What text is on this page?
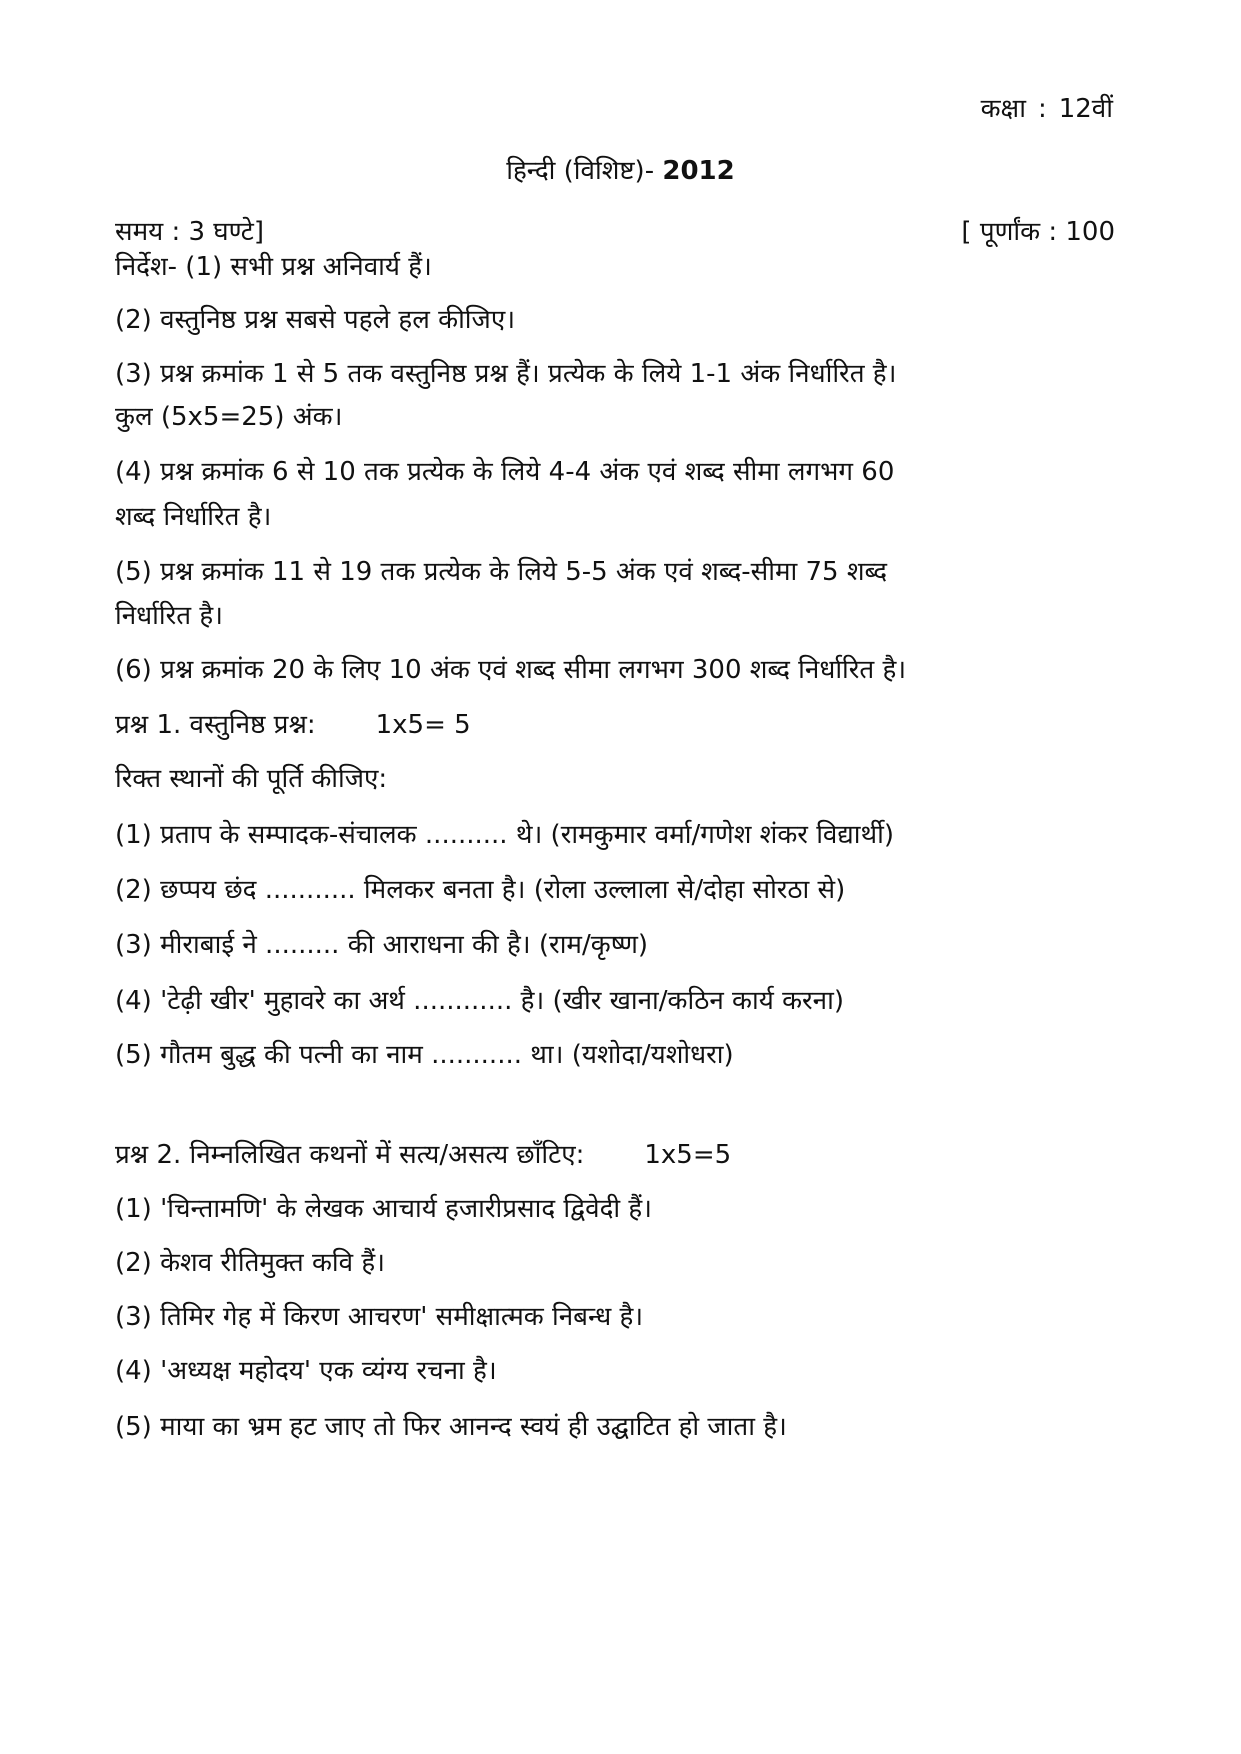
कक्षा : 12वीं
हिन्दी (विशिष्ट)- 2012
समय : 3 घण्टे]	[ पूर्णांक : 100
निर्देश- (1) सभी प्रश्न अनिवार्य हैं।
(2) वस्तुनिष्ठ प्रश्न सबसे पहले हल कीजिए।
(3) प्रश्न क्रमांक 1 से 5 तक वस्तुनिष्ठ प्रश्न हैं। प्रत्येक के लिये 1-1 अंक निर्धारित है।
कुल (5x5=25) अंक।
(4) प्रश्न क्रमांक 6 से 10 तक प्रत्येक के लिये 4-4 अंक एवं शब्द सीमा लगभग 60
शब्द निर्धारित है।
(5) प्रश्न क्रमांक 11 से 19 तक प्रत्येक के लिये 5-5 अंक एवं शब्द-सीमा 75 शब्द
निर्धारित है।
(6) प्रश्न क्रमांक 20 के लिए 10 अंक एवं शब्द सीमा लगभग 300 शब्द निर्धारित है।
प्रश्न 1. वस्तुनिष्ठ प्रश्न: 1x5= 5
रिक्त स्थानों की पूर्ति कीजिए:
(1) प्रताप के सम्पादक-संचालक .......... थे। (रामकुमार वर्मा/गणेश शंकर विद्यार्थी)
(2) छप्पय छंद ........... मिलकर बनता है। (रोला उल्लाला से/दोहा सोरठा से)
(3) मीराबाई ने ......... की आराधना की है। (राम/कृष्ण)
(4) 'टेढ़ी खीर' मुहावरे का अर्थ ............ है। (खीर खाना/कठिन कार्य करना)
(5) गौतम बुद्ध की पत्नी का नाम ........... था। (यशोदा/यशोधरा)
प्रश्न 2. निम्नलिखित कथनों में सत्य/असत्य छाँटिए: 1x5=5
(1) 'चिन्तामणि' के लेखक आचार्य हजारीप्रसाद द्विवेदी हैं।
(2) केशव रीतिमुक्त कवि हैं।
(3) तिमिर गेह में किरण आचरण' समीक्षात्मक निबन्ध है।
(4) 'अध्यक्ष महोदय' एक व्यंग्य रचना है।
(5) माया का भ्रम हट जाए तो फिर आनन्द स्वयं ही उद्घाटित हो जाता है।
